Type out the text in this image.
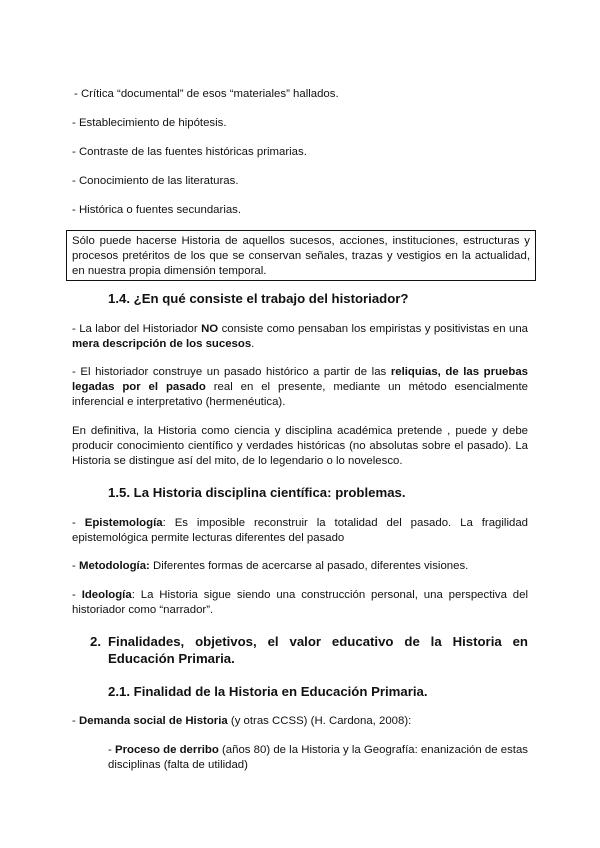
- Crítica “documental” de esos “materiales” hallados.
- Establecimiento de hipótesis.
- Contraste de las fuentes históricas primarias.
- Conocimiento de las literaturas.
- Histórica o fuentes secundarias.
Sólo puede hacerse Historia de aquellos sucesos, acciones, instituciones, estructuras y procesos pretéritos de los que se conservan señales, trazas y vestigios en la actualidad, en nuestra propia dimensión temporal.
1.4. ¿En qué consiste el trabajo del historiador?
- La labor del Historiador NO consiste como pensaban los empiristas y positivistas en una mera descripción de los sucesos.
- El historiador construye un pasado histórico a partir de las reliquias, de las pruebas legadas por el pasado real en el presente, mediante un método esencialmente inferencial e interpretativo (hermenéutica).
En definitiva, la Historia como ciencia y disciplina académica pretende , puede y debe producir conocimiento científico y verdades históricas (no absolutas sobre el pasado). La Historia se distingue así del mito, de lo legendario o lo novelesco.
1.5. La Historia disciplina científica: problemas.
- Epistemología: Es imposible reconstruir la totalidad del pasado. La fragilidad epistemológica permite lecturas diferentes del pasado
- Metodología: Diferentes formas de acercarse al pasado, diferentes visiones.
- Ideología: La Historia sigue siendo una construcción personal, una perspectiva del historiador como “narrador”.
2. Finalidades, objetivos, el valor educativo de la Historia en Educación Primaria.
2.1. Finalidad de la Historia en Educación Primaria.
- Demanda social de Historia (y otras CCSS) (H. Cardona, 2008):
- Proceso de derribo (años 80) de la Historia y la Geografía: enanización de estas disciplinas (falta de utilidad)
